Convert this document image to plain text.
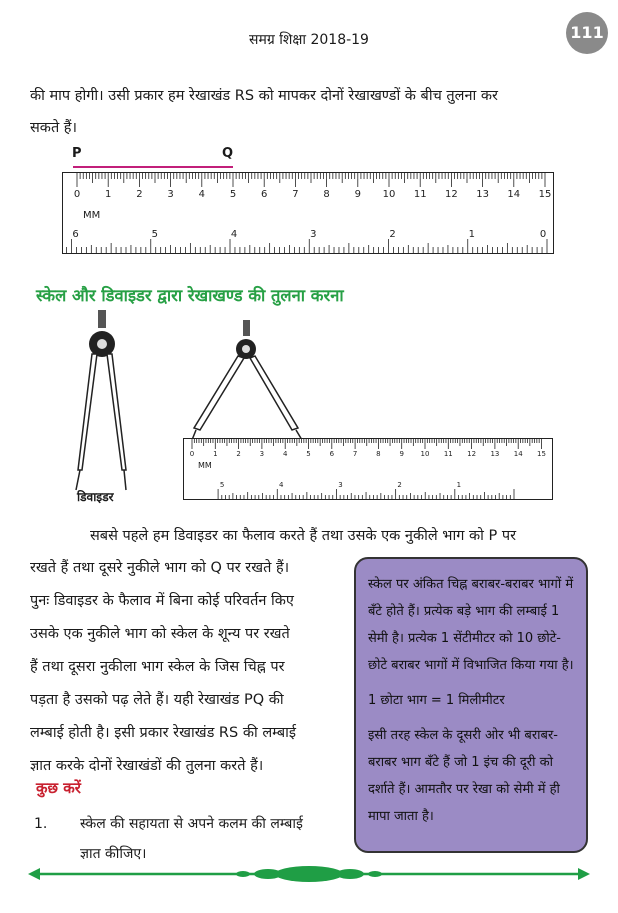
समग्र शिक्षा 2018-19	111
की माप होगी। उसी प्रकार हम रेखाखंड RS को मापकर दोनों रेखाखण्डों के बीच तुलना कर
सकते हैं।
P	Q
0 1 2 3 4 5 6 7 8 9 10 11 12 13 14 15
6	5	4	3	2	1	0
MM
स्केल और डिवाइडर द्वारा रेखाखण्ड की तुलना करना
डिवाइडर
0	1	2	3	4	5	6	7	8	9 10 11 12 13 14 15
5	4	3	2	1
MM
सबसे पहले हम डिवाइडर का फैलाव करते हैं तथा उसके एक नुकीले भाग को P पर
रखते हैं तथा दूसरे नुकीले भाग को Q पर रखते हैं।
पुनः डिवाइडर के फैलाव में बिना कोई परिवर्तन किए
उसके एक नुकीले भाग को स्केल के शून्य पर रखते
हैं तथा दूसरा नुकीला भाग स्केल के जिस चिह्न पर
पड़ता है उसको पढ़ लेते हैं। यही रेखाखंड PQ की
लम्बाई होती है। इसी प्रकार रेखाखंड RS की लम्बाई
ज्ञात करके दोनों रेखाखंडों की तुलना करते हैं।

स्केल पर अंकित चिह्न बराबर-बराबर भागों में बँटे होते हैं। प्रत्येक बड़े भाग की लम्बाई 1 सेमी है। प्रत्येक 1 सेंटीमीटर को 10 छोटे-छोटे बराबर भागों में विभाजित किया गया है।

1 छोटा भाग = 1 मिलीमीटर

इसी तरह स्केल के दूसरी ओर भी बराबर-बराबर भाग बँटे हैं जो 1 इंच की दूरी को दर्शाते हैं। आमतौर पर रेखा को सेमी में ही मापा जाता है।

कुछ करें
1. स्केल की सहायता से अपने कलम की लम्बाई
ज्ञात कीजिए।
